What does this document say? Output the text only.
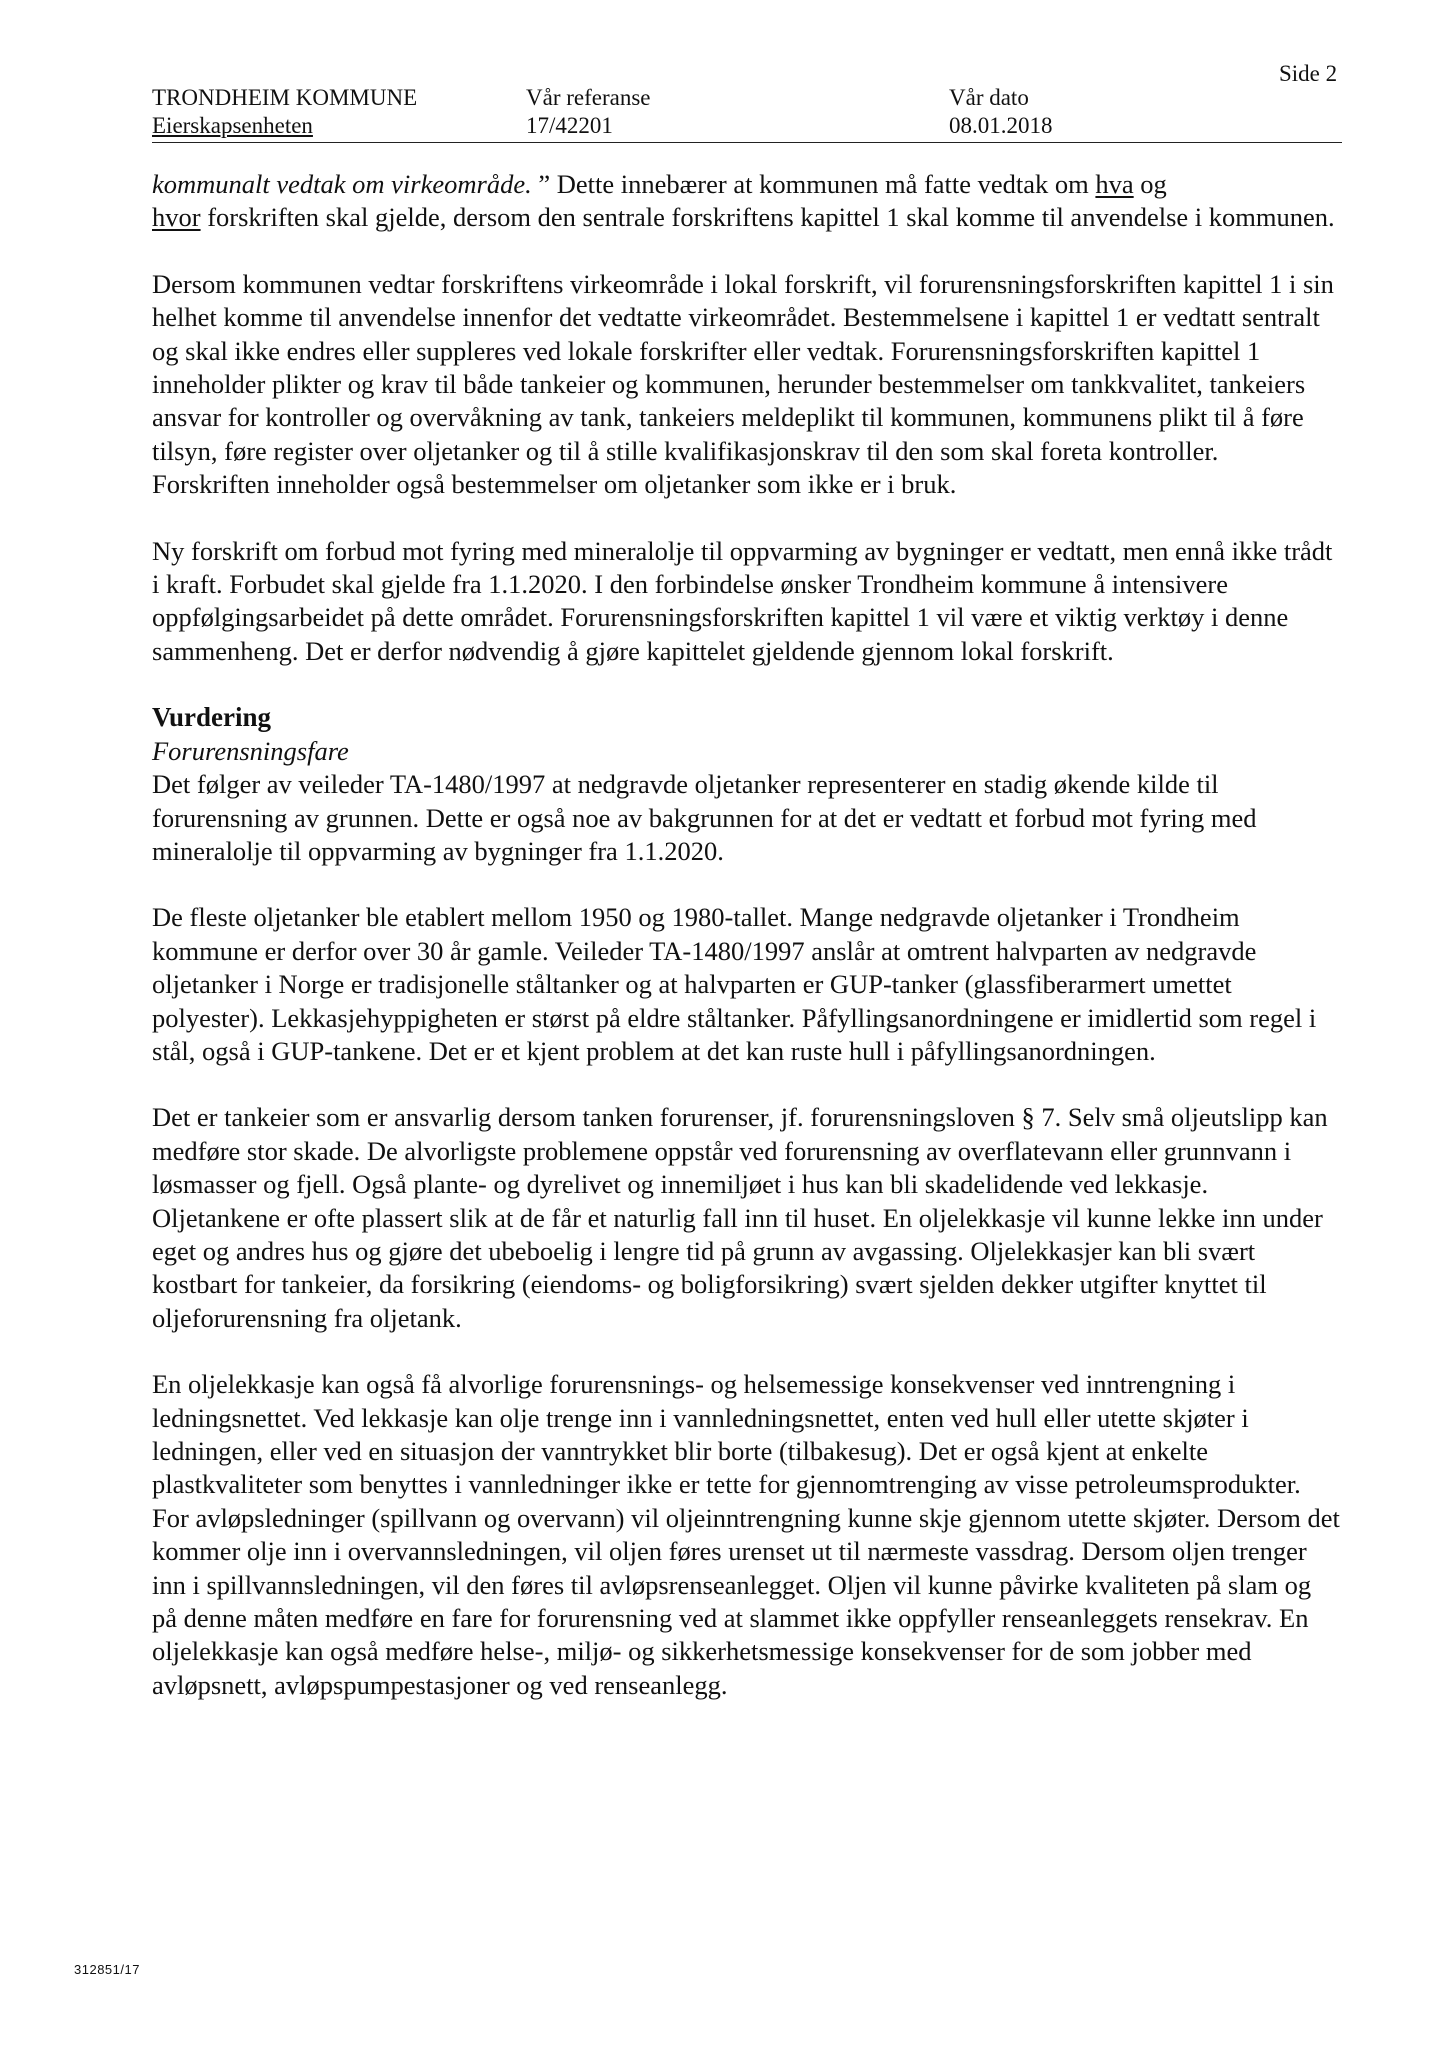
Side 2
TRONDHEIM KOMMUNE
Eierskapsenheten
Vår referanse
17/42201
Vår dato
08.01.2018

kommunalt vedtak om virkeområde. ” Dette innebærer at kommunen må fatte vedtak om hva og
hvor forskriften skal gjelde, dersom den sentrale forskriftens kapittel 1 skal komme til anvendelse i kommunen.

Dersom kommunen vedtar forskriftens virkeområde i lokal forskrift, vil forurensningsforskriften kapittel 1 i sin helhet komme til anvendelse innenfor det vedtatte virkeområdet. Bestemmelsene i kapittel 1 er vedtatt sentralt og skal ikke endres eller suppleres ved lokale forskrifter eller vedtak. Forurensningsforskriften kapittel 1 inneholder plikter og krav til både tankeier og kommunen, herunder bestemmelser om tankkvalitet, tankeiers ansvar for kontroller og overvåkning av tank, tankeiers meldeplikt til kommunen, kommunens plikt til å føre tilsyn, føre register over oljetanker og til å stille kvalifikasjonskrav til den som skal foreta kontroller. Forskriften inneholder også bestemmelser om oljetanker som ikke er i bruk.

Ny forskrift om forbud mot fyring med mineralolje til oppvarming av bygninger er vedtatt, men ennå ikke trådt i kraft. Forbudet skal gjelde fra 1.1.2020. I den forbindelse ønsker Trondheim kommune å intensivere oppfølgingsarbeidet på dette området. Forurensningsforskriften kapittel 1 vil være et viktig verktøy i denne sammenheng. Det er derfor nødvendig å gjøre kapittelet gjeldende gjennom lokal forskrift.

Vurdering
Forurensningsfare

Det følger av veileder TA-1480/1997 at nedgravde oljetanker representerer en stadig økende kilde til forurensning av grunnen. Dette er også noe av bakgrunnen for at det er vedtatt et forbud mot fyring med mineralolje til oppvarming av bygninger fra 1.1.2020.

De fleste oljetanker ble etablert mellom 1950 og 1980-tallet. Mange nedgravde oljetanker i Trondheim kommune er derfor over 30 år gamle. Veileder TA-1480/1997 anslår at omtrent halvparten av nedgravde oljetanker i Norge er tradisjonelle ståltanker og at halvparten er GUP-tanker (glassfiberarmert umettet polyester). Lekkasjehyppigheten er størst på eldre ståltanker. Påfyllingsanordningene er imidlertid som regel i stål, også i GUP-tankene. Det er et kjent problem at det kan ruste hull i påfyllingsanordningen.

Det er tankeier som er ansvarlig dersom tanken forurenser, jf. forurensningsloven § 7. Selv små oljeutslipp kan medføre stor skade. De alvorligste problemene oppstår ved forurensning av overflatevann eller grunnvann i løsmasser og fjell. Også plante- og dyrelivet og innemiljøet i hus kan bli skadelidende ved lekkasje. Oljetankene er ofte plassert slik at de får et naturlig fall inn til huset. En oljelekkasje vil kunne lekke inn under eget og andres hus og gjøre det ubeboelig i lengre tid på grunn av avgassing. Oljelekkasjer kan bli svært kostbart for tankeier, da forsikring (eiendoms- og boligforsikring) svært sjelden dekker utgifter knyttet til oljeforurensning fra oljetank.

En oljelekkasje kan også få alvorlige forurensnings- og helsemessige konsekvenser ved inntrengning i ledningsnettet. Ved lekkasje kan olje trenge inn i vannledningsnettet, enten ved hull eller utette skjøter i ledningen, eller ved en situasjon der vanntrykket blir borte (tilbakesug). Det er også kjent at enkelte plastkvaliteter som benyttes i vannledninger ikke er tette for gjennomtrenging av visse petroleumsprodukter. For avløpsledninger (spillvann og overvann) vil oljeinntrengning kunne skje gjennom utette skjøter. Dersom det kommer olje inn i overvannsledningen, vil oljen føres urenset ut til nærmeste vassdrag. Dersom oljen trenger inn i spillvannsledningen, vil den føres til avløpsrenseanlegget. Oljen vil kunne påvirke kvaliteten på slam og på denne måten medføre en fare for forurensning ved at slammet ikke oppfyller renseanleggets rensekrav. En oljelekkasje kan også medføre helse-, miljø- og sikkerhetsmessige konsekvenser for de som jobber med avløpsnett, avløpspumpestasjoner og ved renseanlegg.

312851/17
